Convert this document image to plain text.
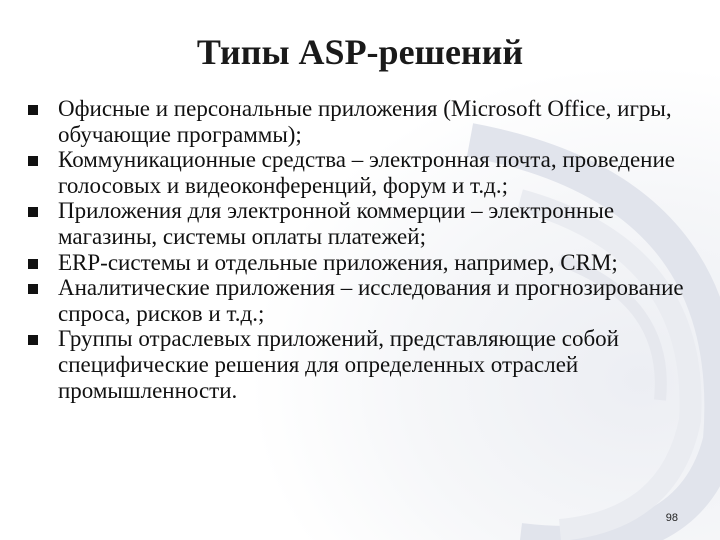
Типы ASP-решений
Офисные и персональные приложения (Microsoft Office, игры, обучающие программы);
Коммуникационные средства – электронная почта, проведение голосовых и видеоконференций, форум и т.д.;
Приложения для электронной коммерции – электронные магазины, системы оплаты платежей;
ERP-системы и отдельные приложения, например, CRM;
Аналитические приложения – исследования и прогнозирование спроса, рисков и т.д.;
Группы отраслевых приложений, представляющие собой специфические решения для определенных отраслей промышленности.
98
